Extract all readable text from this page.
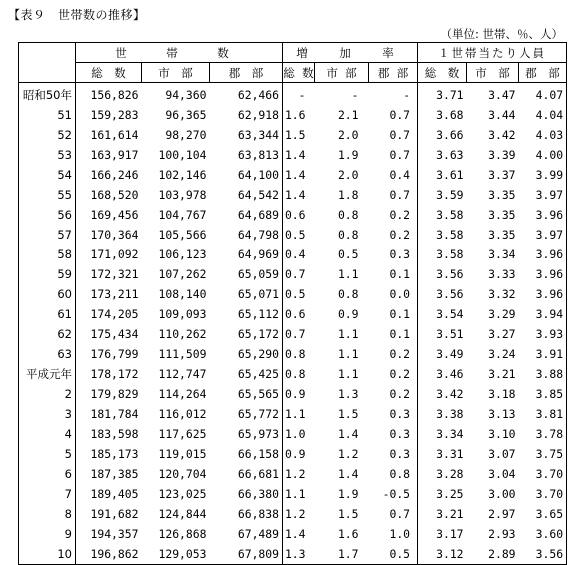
【表９　世帯数の推移】
（単位: 世帯、％、人）
	世　帯　数			増　加　率			１世帯当たり人員		
	総　数	市　部	郡　部	総 数	市 部	郡 部	総　数	市　部	郡　部
昭和50年	156,826	94,360	62,466	-	-	-	3.71	3.47	4.07
51	159,283	96,365	62,918	1.6	2.1	0.7	3.68	3.44	4.04
52	161,614	98,270	63,344	1.5	2.0	0.7	3.66	3.42	4.03
53	163,917	100,104	63,813	1.4	1.9	0.7	3.63	3.39	4.00
54	166,246	102,146	64,100	1.4	2.0	0.4	3.61	3.37	3.99
55	168,520	103,978	64,542	1.4	1.8	0.7	3.59	3.35	3.97
56	169,456	104,767	64,689	0.6	0.8	0.2	3.58	3.35	3.96
57	170,364	105,566	64,798	0.5	0.8	0.2	3.58	3.35	3.97
58	171,092	106,123	64,969	0.4	0.5	0.3	3.58	3.34	3.96
59	172,321	107,262	65,059	0.7	1.1	0.1	3.56	3.33	3.96
60	173,211	108,140	65,071	0.5	0.8	0.0	3.56	3.32	3.96
61	174,205	109,093	65,112	0.6	0.9	0.1	3.54	3.29	3.94
62	175,434	110,262	65,172	0.7	1.1	0.1	3.51	3.27	3.93
63	176,799	111,509	65,290	0.8	1.1	0.2	3.49	3.24	3.91
平成元年	178,172	112,747	65,425	0.8	1.1	0.2	3.46	3.21	3.88
2	179,829	114,264	65,565	0.9	1.3	0.2	3.42	3.18	3.85
3	181,784	116,012	65,772	1.1	1.5	0.3	3.38	3.13	3.81
4	183,598	117,625	65,973	1.0	1.4	0.3	3.34	3.10	3.78
5	185,173	119,015	66,158	0.9	1.2	0.3	3.31	3.07	3.75
6	187,385	120,704	66,681	1.2	1.4	0.8	3.28	3.04	3.70
7	189,405	123,025	66,380	1.1	1.9	-0.5	3.25	3.00	3.70
8	191,682	124,844	66,838	1.2	1.5	0.7	3.21	2.97	3.65
9	194,357	126,868	67,489	1.4	1.6	1.0	3.17	2.93	3.60
10	196,862	129,053	67,809	1.3	1.7	0.5	3.12	2.89	3.56
